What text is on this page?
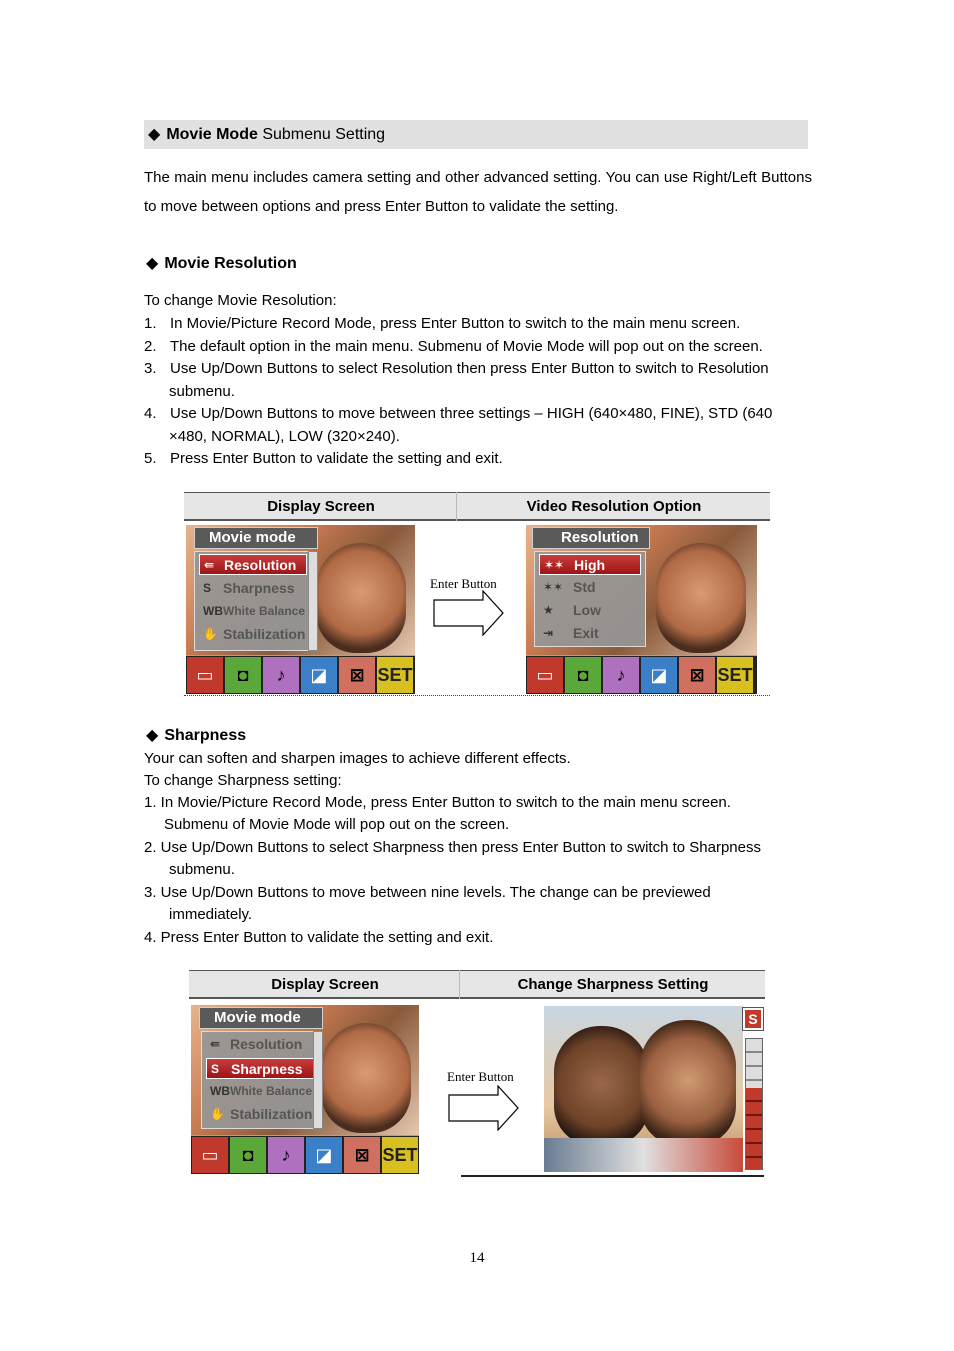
◆ Movie Mode Submenu Setting
The main menu includes camera setting and other advanced setting. You can use Right/Left Buttons to move between options and press Enter Button to validate the setting.
◆ Movie Resolution
To change Movie Resolution:
1. In Movie/Picture Record Mode, press Enter Button to switch to the main menu screen.
2. The default option in the main menu. Submenu of Movie Mode will pop out on the screen.
3. Use Up/Down Buttons to select Resolution then press Enter Button to switch to Resolution
submenu.
4. Use Up/Down Buttons to move between three settings – HIGH (640×480, FINE), STD (640
×480, NORMAL), LOW (320×240).
5. Press Enter Button to validate the setting and exit.
Display Screen	Video Resolution Option
Movie mode
⇚ Resolution
S Sharpness
WB White Balance
✋ Stabilization
▭	◘	♪	◪	⊠ SET
Enter Button
Resolution
✶✶ High
✶✶ Std
★ Low
⇥ Exit
▭	◘	♪	◪	⊠ SET
◆ Sharpness
Your can soften and sharpen images to achieve different effects.
To change Sharpness setting:
1. In Movie/Picture Record Mode, press Enter Button to switch to the main menu screen.
Submenu of Movie Mode will pop out on the screen.
2. Use Up/Down Buttons to select Sharpness then press Enter Button to switch to Sharpness
submenu.
3. Use Up/Down Buttons to move between nine levels. The change can be previewed
immediately.
4. Press Enter Button to validate the setting and exit.
Display Screen	Change Sharpness Setting
Movie mode
⇚ Resolution
S Sharpness
WB White Balance
✋ Stabilization
▭	◘	♪	◪	⊠ SET
Enter Button
S
14
